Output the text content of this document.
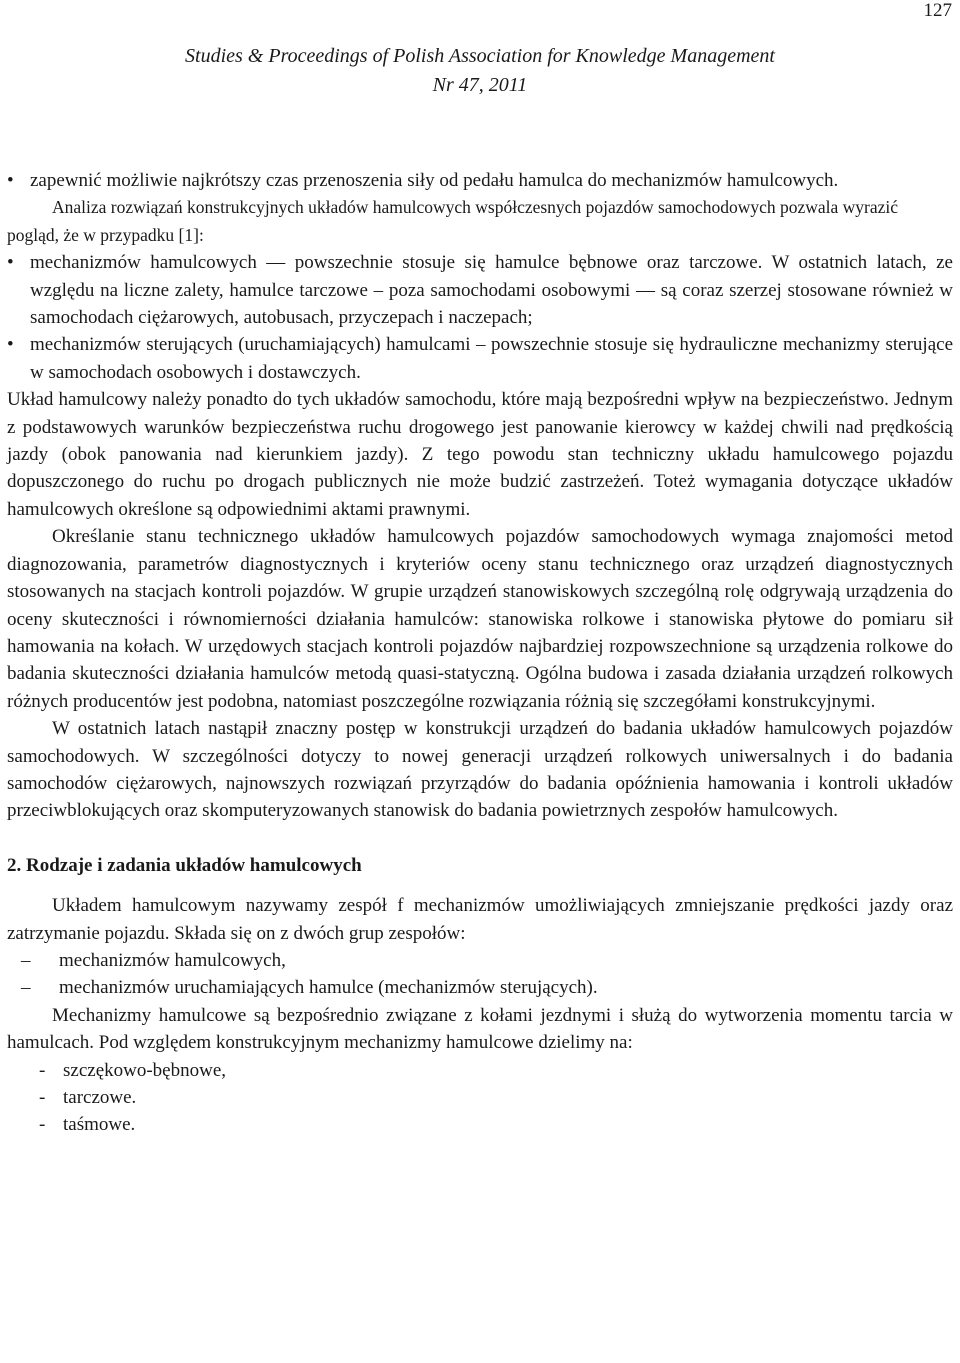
127
Studies & Proceedings of Polish Association for Knowledge Management
Nr 47, 2011

• zapewnić możliwie najkrótszy czas przenoszenia siły od pedału hamulca do mechanizmów hamulcowych.

Analiza rozwiązań konstrukcyjnych układów hamulcowych współczesnych pojazdów samochodowych pozwala wyrazić pogląd, że w przypadku [1]:

• mechanizmów hamulcowych — powszechnie stosuje się hamulce bębnowe oraz tarczowe. W ostatnich latach, ze względu na liczne zalety, hamulce tarczowe – poza samochodami osobowymi — są coraz szerzej stosowane również w samochodach ciężarowych, autobusach, przyczepach i naczepach;

• mechanizmów sterujących (uruchamiających) hamulcami – powszechnie stosuje się hydrauliczne mechanizmy sterujące w samochodach osobowych i dostawczych.

Układ hamulcowy należy ponadto do tych układów samochodu, które mają bezpośredni wpływ na bezpieczeństwo. Jednym z podstawowych warunków bezpieczeństwa ruchu drogowego jest panowanie kierowcy w każdej chwili nad prędkością jazdy (obok panowania nad kierunkiem jazdy). Z tego powodu stan techniczny układu hamulcowego pojazdu dopuszczonego do ruchu po drogach publicznych nie może budzić zastrzeżeń. Toteż wymagania dotyczące układów hamulcowych określone są odpowiednimi aktami prawnymi.

Określanie stanu technicznego układów hamulcowych pojazdów samochodowych wymaga znajomości metod diagnozowania, parametrów diagnostycznych i kryteriów oceny stanu technicznego oraz urządzeń diagnostycznych stosowanych na stacjach kontroli pojazdów. W grupie urządzeń stanowiskowych szczególną rolę odgrywają urządzenia do oceny skuteczności i równomierności działania hamulców: stanowiska rolkowe i stanowiska płytowe do pomiaru sił hamowania na kołach. W urzędowych stacjach kontroli pojazdów najbardziej rozpowszechnione są urządzenia rolkowe do badania skuteczności działania hamulców metodą quasi-statyczną. Ogólna budowa i zasada działania urządzeń rolkowych różnych producentów jest podobna, natomiast poszczególne rozwiązania różnią się szczegółami konstrukcyjnymi.

W ostatnich latach nastąpił znaczny postęp w konstrukcji urządzeń do badania układów hamulcowych pojazdów samochodowych. W szczególności dotyczy to nowej generacji urządzeń rolkowych uniwersalnych i do badania samochodów ciężarowych, najnowszych rozwiązań przyrządów do badania opóźnienia hamowania i kontroli układów przeciwblokujących oraz skomputeryzowanych stanowisk do badania powietrznych zespołów hamulcowych.

2. Rodzaje i zadania układów hamulcowych

Układem hamulcowym nazywamy zespół f mechanizmów umożliwiających zmniejszanie prędkości jazdy oraz zatrzymanie pojazdu. Składa się on z dwóch grup zespołów:

– mechanizmów hamulcowych,

– mechanizmów uruchamiających hamulce (mechanizmów sterujących).

Mechanizmy hamulcowe są bezpośrednio związane z kołami jezdnymi i służą do wytworzenia momentu tarcia w hamulcach. Pod względem konstrukcyjnym mechanizmy hamulcowe dzielimy na:

- szczękowo-bębnowe,

- tarczowe.

- taśmowe.
